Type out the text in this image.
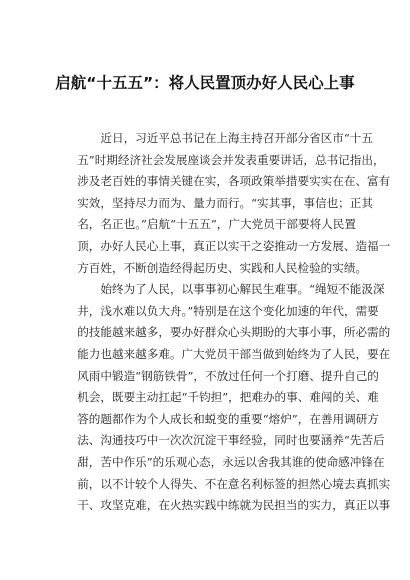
启航“十五五”：将人民置顶办好人民心上事
近日，习近平总书记在上海主持召开部分省区市“十五
五”时期经济社会发展座谈会并发表重要讲话，总书记指出，
涉及老百姓的事情关键在实，各项政策举措要实实在在、富有
实效，坚持尽力而为、量力而行。“实其事，事信也；正其
名，名正也。”启航“十五五”，广大党员干部要将人民置
顶，办好人民心上事，真正以实干之姿推动一方发展、造福一
方百姓，不断创造经得起历史、实践和人民检验的实绩。
始终为了人民，以事事初心解民生难事。“绳短不能汲深
井，浅水难以负大舟。”特别是在这个变化加速的年代，需要
的技能越来越多，要办好群众心头期盼的大事小事，所必需的
能力也越来越多难。广大党员干部当做到始终为了人民，要在
风雨中锻造“钢筋铁骨”，不放过任何一个打磨、提升自己的
机会，既要主动扛起“千钧担”，把难办的事、难闯的关、难
答的题都作为个人成长和蜕变的重要“熔炉”，在善用调研方
法、沟通技巧中一次次沉淀干事经验，同时也要涵养“先苦后
甜，苦中作乐”的乐观心态，永远以舍我其谁的使命感冲锋在
前，以不计较个人得失、不在意名利标签的担然心境去真抓实
干、攻坚克难，在火热实践中练就为民担当的实力，真正以事
